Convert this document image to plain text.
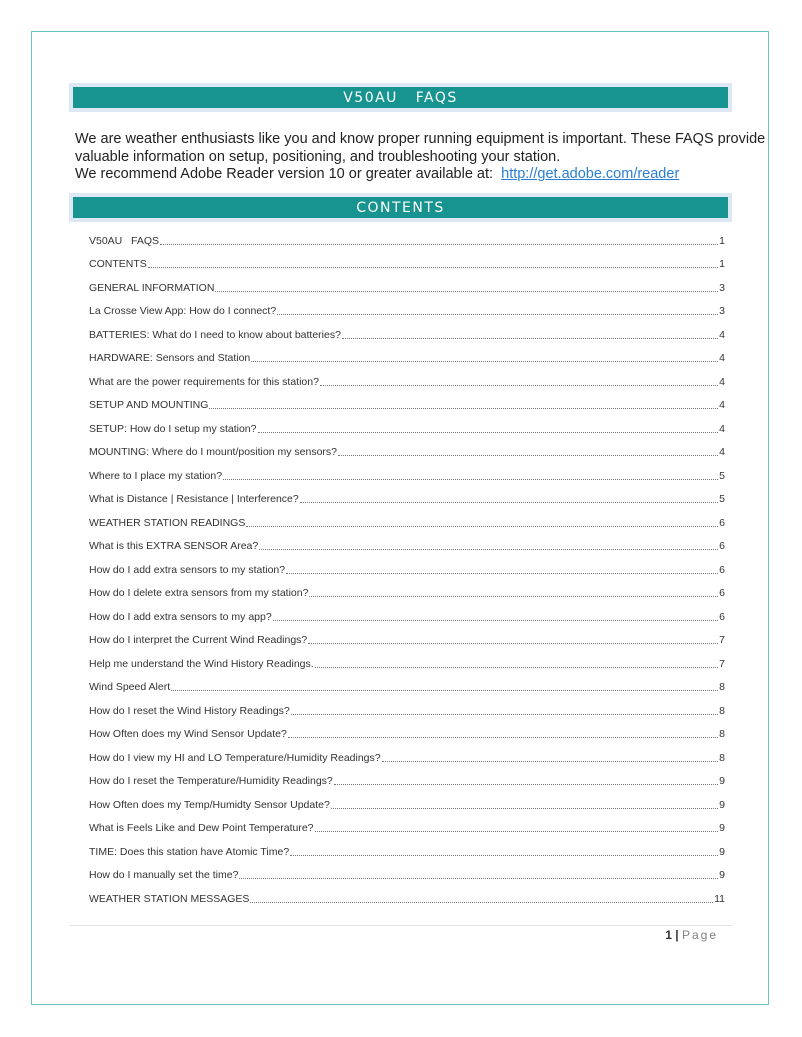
V50AU   FAQS

We are weather enthusiasts like you and know proper running equipment is important. These FAQS provide

valuable information on setup, positioning, and troubleshooting your station.

We recommend Adobe Reader version 10 or greater available at: http://get.adobe.com/reader

CONTENTS
V50AU   FAQS	1
CONTENTS	1
GENERAL INFORMATION	3
La Crosse View App: How do I connect?	3
BATTERIES: What do I need to know about batteries?	4
HARDWARE: Sensors and Station	4
What are the power requirements for this station?	4
SETUP AND MOUNTING	4
SETUP: How do I setup my station?	4
MOUNTING: Where do I mount/position my sensors?	4
Where to I place my station?	5
What is Distance | Resistance | Interference?	5
WEATHER STATION READINGS	6
What is this EXTRA SENSOR Area?	6
How do I add extra sensors to my station?	6
How do I delete extra sensors from my station?	6
How do I add extra sensors to my app?	6
How do I interpret the Current Wind Readings?	7
Help me understand the Wind History Readings.	7
Wind Speed Alert	8
How do I reset the Wind History Readings?	8
How Often does my Wind Sensor Update?	8
How do I view my HI and LO Temperature/Humidity Readings?	8
How do I reset the Temperature/Humidity Readings?	9
How Often does my Temp/Humidty Sensor Update?	9
What is Feels Like and Dew Point Temperature?	9
TIME: Does this station have Atomic Time?	9
How do I manually set the time?	9
WEATHER STATION MESSAGES	11
1 | Page
